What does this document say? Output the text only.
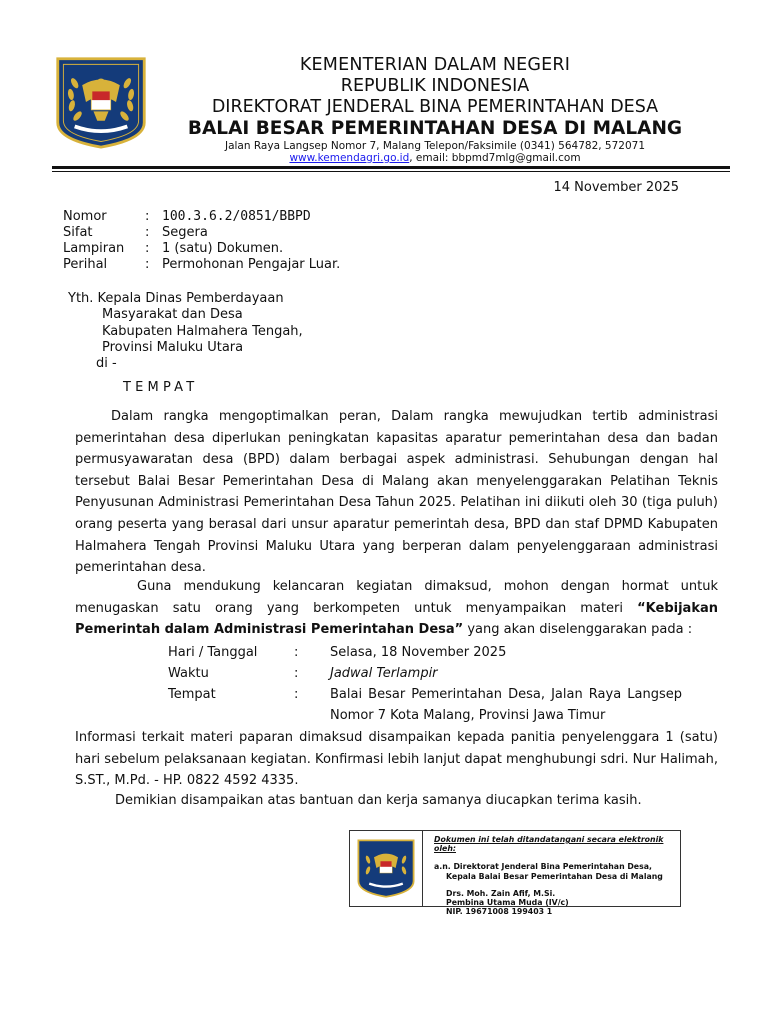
KEMENTERIAN DALAM NEGERI
REPUBLIK INDONESIA
DIREKTORAT JENDERAL BINA PEMERINTAHAN DESA
BALAI BESAR PEMERINTAHAN DESA DI MALANG
Jalan Raya Langsep Nomor 7, Malang Telepon/Faksimile (0341) 564782, 572071
www.kemendagri.go.id, email: bbpmd7mlg@gmail.com
14 November 2025
Nomor	: 100.3.6.2/0851/BBPD
Sifat	: Segera
Lampiran	: 1 (satu) Dokumen.
Perihal	: Permohonan Pengajar Luar.
Yth. Kepala Dinas Pemberdayaan
Masyarakat dan Desa
Kabupaten Halmahera Tengah,
Provinsi Maluku Utara
di -
TEMPAT
Dalam rangka mengoptimalkan peran, Dalam rangka mewujudkan tertib administrasi pemerintahan desa diperlukan peningkatan kapasitas aparatur pemerintahan desa dan badan permusyawaratan desa (BPD) dalam berbagai aspek administrasi. Sehubungan dengan hal tersebut Balai Besar Pemerintahan Desa di Malang akan menyelenggarakan Pelatihan Teknis Penyusunan Administrasi Pemerintahan Desa Tahun 2025. Pelatihan ini diikuti oleh 30 (tiga puluh) orang peserta yang berasal dari unsur aparatur pemerintah desa, BPD dan staf DPMD Kabupaten Halmahera Tengah Provinsi Maluku Utara yang berperan dalam penyelenggaraan administrasi pemerintahan desa.
Guna mendukung kelancaran kegiatan dimaksud, mohon dengan hormat untuk menugaskan satu orang yang berkompeten untuk menyampaikan materi “Kebijakan Pemerintah dalam Administrasi Pemerintahan Desa” yang akan diselenggarakan pada :
Hari / Tanggal	:	Selasa, 18 November 2025
Waktu	:	Jadwal Terlampir
Tempat	:	Balai Besar Pemerintahan Desa, Jalan Raya Langsep Nomor 7 Kota Malang, Provinsi Jawa Timur
Informasi terkait materi paparan dimaksud disampaikan kepada panitia penyelenggara 1 (satu) hari sebelum pelaksanaan kegiatan. Konfirmasi lebih lanjut dapat menghubungi sdri. Nur Halimah, S.ST., M.Pd. - HP. 0822 4592 4335.
Demikian disampaikan atas bantuan dan kerja samanya diucapkan terima kasih.
Dokumen ini telah ditandatangani secara elektronik oleh:
a.n. Direktorat Jenderal Bina Pemerintahan Desa,
Kepala Balai Besar Pemerintahan Desa di Malang
Drs. Moh. Zain Afif, M.Si.
Pembina Utama Muda (IV/c)
NIP. 19671008 199403 1
